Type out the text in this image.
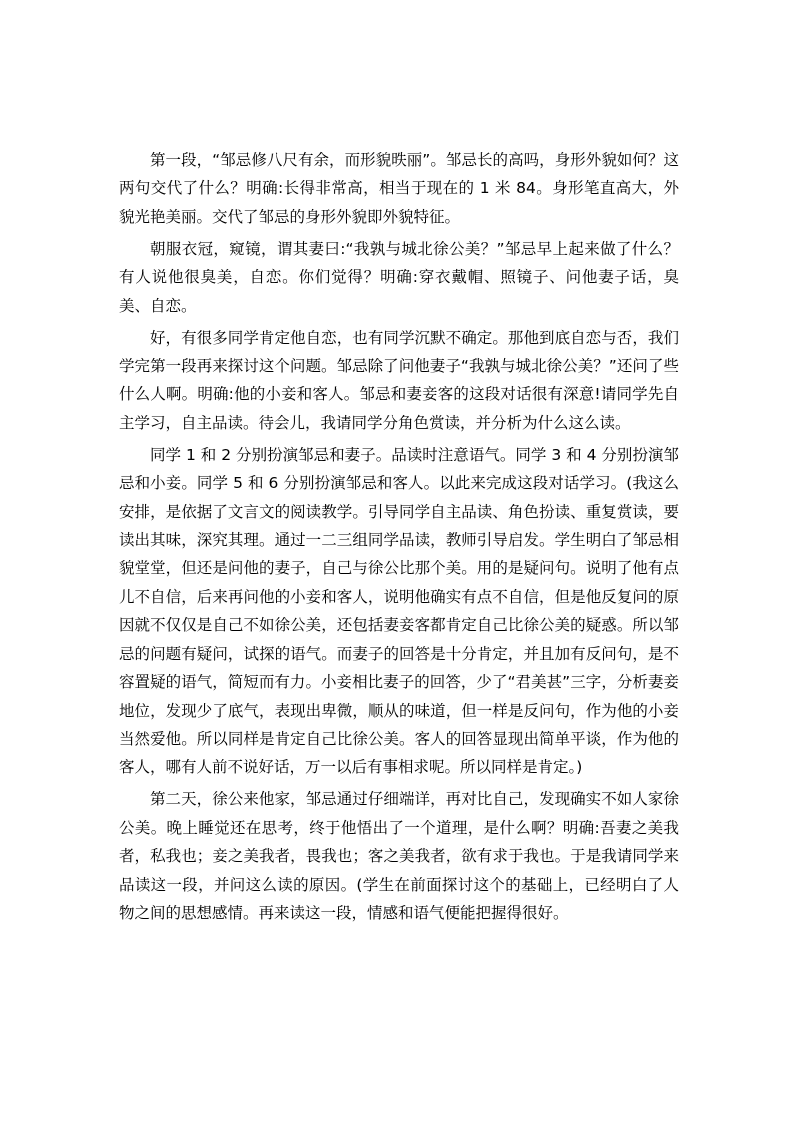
第一段，“邹忌修八尺有余，而形貌昳丽”。邹忌长的高吗，身形外貌如何？这两句交代了什么？明确:长得非常高，相当于现在的 1 米 84。身形笔直高大，外貌光艳美丽。交代了邹忌的身形外貌即外貌特征。

朝服衣冠，窥镜，谓其妻曰:“我孰与城北徐公美？”邹忌早上起来做了什么？有人说他很臭美，自恋。你们觉得？明确:穿衣戴帽、照镜子、问他妻子话，臭美、自恋。

好，有很多同学肯定他自恋，也有同学沉默不确定。那他到底自恋与否，我们学完第一段再来探讨这个问题。邹忌除了问他妻子“我孰与城北徐公美？”还问了些什么人啊。明确:他的小妾和客人。邹忌和妻妾客的这段对话很有深意!请同学先自主学习，自主品读。待会儿，我请同学分角色赏读，并分析为什么这么读。

同学 1 和 2 分别扮演邹忌和妻子。品读时注意语气。同学 3 和 4 分别扮演邹忌和小妾。同学 5 和 6 分别扮演邹忌和客人。以此来完成这段对话学习。(我这么安排，是依据了文言文的阅读教学。引导同学自主品读、角色扮读、重复赏读，要读出其味，深究其理。通过一二三组同学品读，教师引导启发。学生明白了邹忌相貌堂堂，但还是问他的妻子，自己与徐公比那个美。用的是疑问句。说明了他有点儿不自信，后来再问他的小妾和客人，说明他确实有点不自信，但是他反复问的原因就不仅仅是自己不如徐公美，还包括妻妾客都肯定自己比徐公美的疑惑。所以邹忌的问题有疑问，试探的语气。而妻子的回答是十分肯定，并且加有反问句，是不容置疑的语气，简短而有力。小妾相比妻子的回答，少了“君美甚”三字，分析妻妾地位，发现少了底气，表现出卑微，顺从的味道，但一样是反问句，作为他的小妾当然爱他。所以同样是肯定自己比徐公美。客人的回答显现出简单平谈，作为他的客人，哪有人前不说好话，万一以后有事相求呢。所以同样是肯定。)

第二天，徐公来他家，邹忌通过仔细端详，再对比自己，发现确实不如人家徐公美。晚上睡觉还在思考，终于他悟出了一个道理，是什么啊？明确:吾妻之美我者，私我也；妾之美我者，畏我也；客之美我者，欲有求于我也。于是我请同学来品读这一段，并问这么读的原因。(学生在前面探讨这个的基础上，已经明白了人物之间的思想感情。再来读这一段，情感和语气便能把握得很好。
